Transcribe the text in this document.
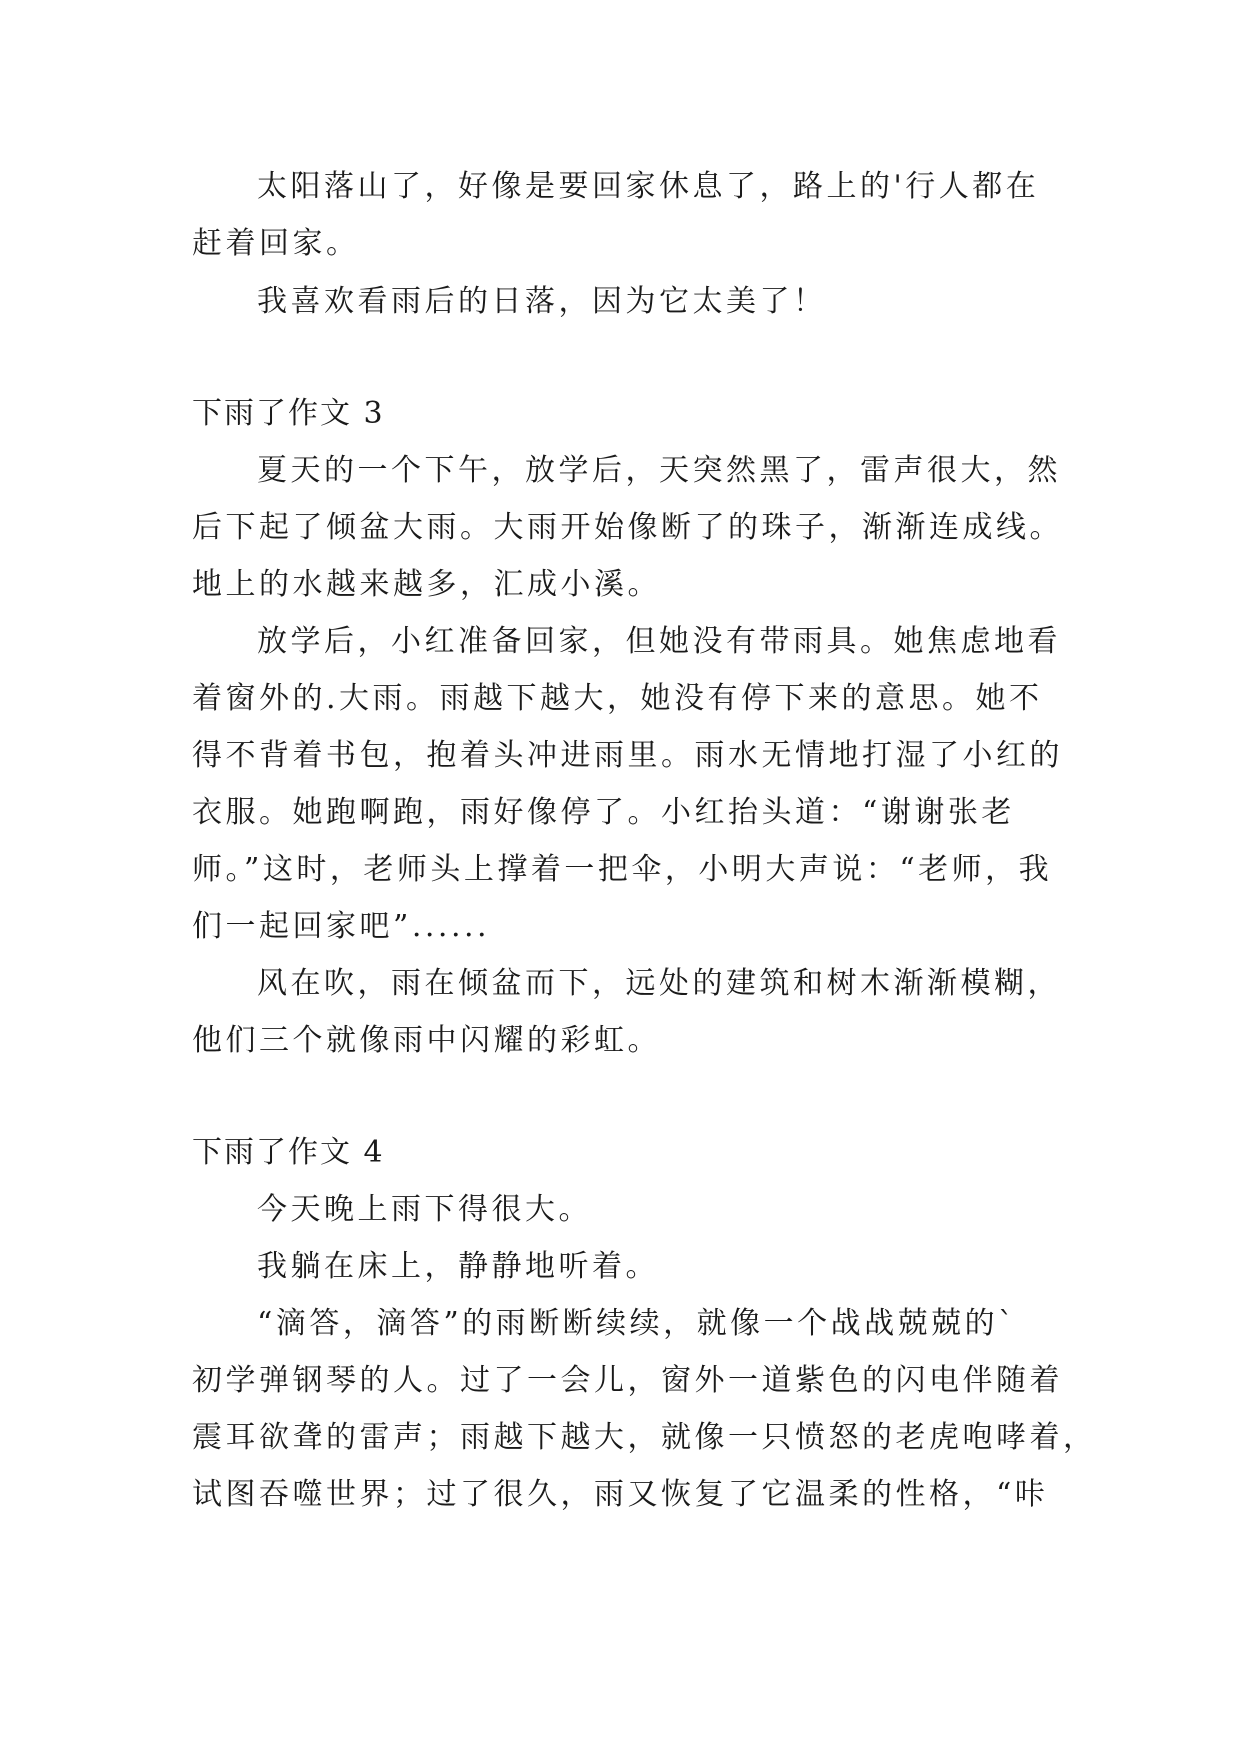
太阳落山了，好像是要回家休息了，路上的'行人都在
赶着回家。
我喜欢看雨后的日落，因为它太美了！
下雨了作文 3
夏天的一个下午，放学后，天突然黑了，雷声很大，然
后下起了倾盆大雨。大雨开始像断了的珠子，渐渐连成线。
地上的水越来越多，汇成小溪。
放学后，小红准备回家，但她没有带雨具。她焦虑地看
着窗外的.大雨。雨越下越大，她没有停下来的意思。她不
得不背着书包，抱着头冲进雨里。雨水无情地打湿了小红的
衣服。她跑啊跑，雨好像停了。小红抬头道：“谢谢张老
师。”这时，老师头上撑着一把伞，小明大声说：“老师，我
们一起回家吧”......
风在吹，雨在倾盆而下，远处的建筑和树木渐渐模糊，
他们三个就像雨中闪耀的彩虹。
下雨了作文 4
今天晚上雨下得很大。
我躺在床上，静静地听着。
“滴答，滴答”的雨断断续续，就像一个战战兢兢的`
初学弹钢琴的人。过了一会儿，窗外一道紫色的闪电伴随着
震耳欲聋的雷声；雨越下越大，就像一只愤怒的老虎咆哮着，
试图吞噬世界；过了很久，雨又恢复了它温柔的性格，“咔
